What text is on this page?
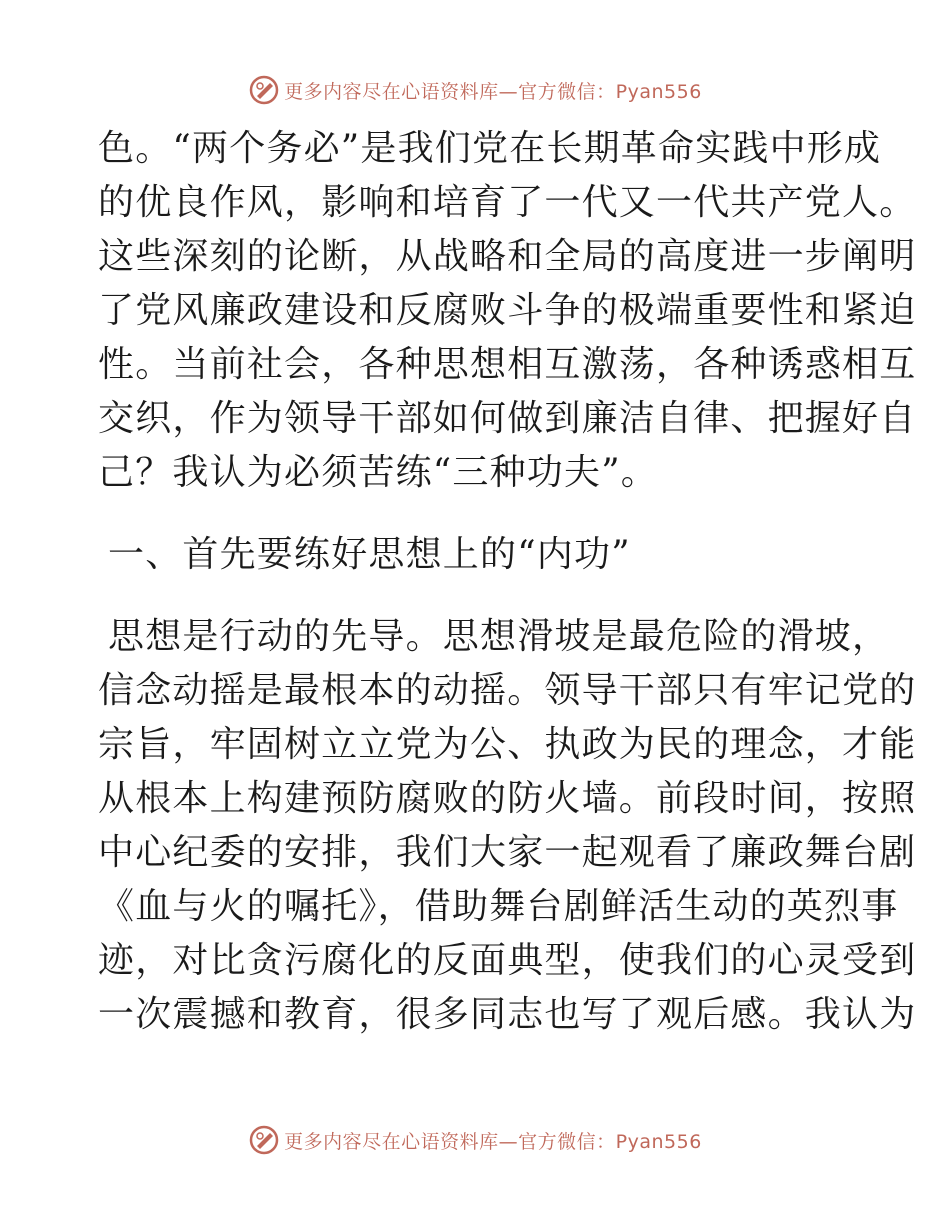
更多内容尽在心语资料库—官方微信：Pyan556
色。“两个务必”是我们党在长期革命实践中形成
的优良作风，影响和培育了一代又一代共产党人。
这些深刻的论断，从战略和全局的高度进一步阐明
了党风廉政建设和反腐败斗争的极端重要性和紧迫
性。当前社会，各种思想相互激荡，各种诱惑相互
交织，作为领导干部如何做到廉洁自律、把握好自
己？我认为必须苦练“三种功夫”。
一、首先要练好思想上的“内功”
思想是行动的先导。思想滑坡是最危险的滑坡，
信念动摇是最根本的动摇。领导干部只有牢记党的
宗旨，牢固树立立党为公、执政为民的理念，才能
从根本上构建预防腐败的防火墙。前段时间，按照
中心纪委的安排，我们大家一起观看了廉政舞台剧
《血与火的嘱托》，借助舞台剧鲜活生动的英烈事
迹，对比贪污腐化的反面典型，使我们的心灵受到
一次震撼和教育，很多同志也写了观后感。我认为
更多内容尽在心语资料库—官方微信：Pyan556
